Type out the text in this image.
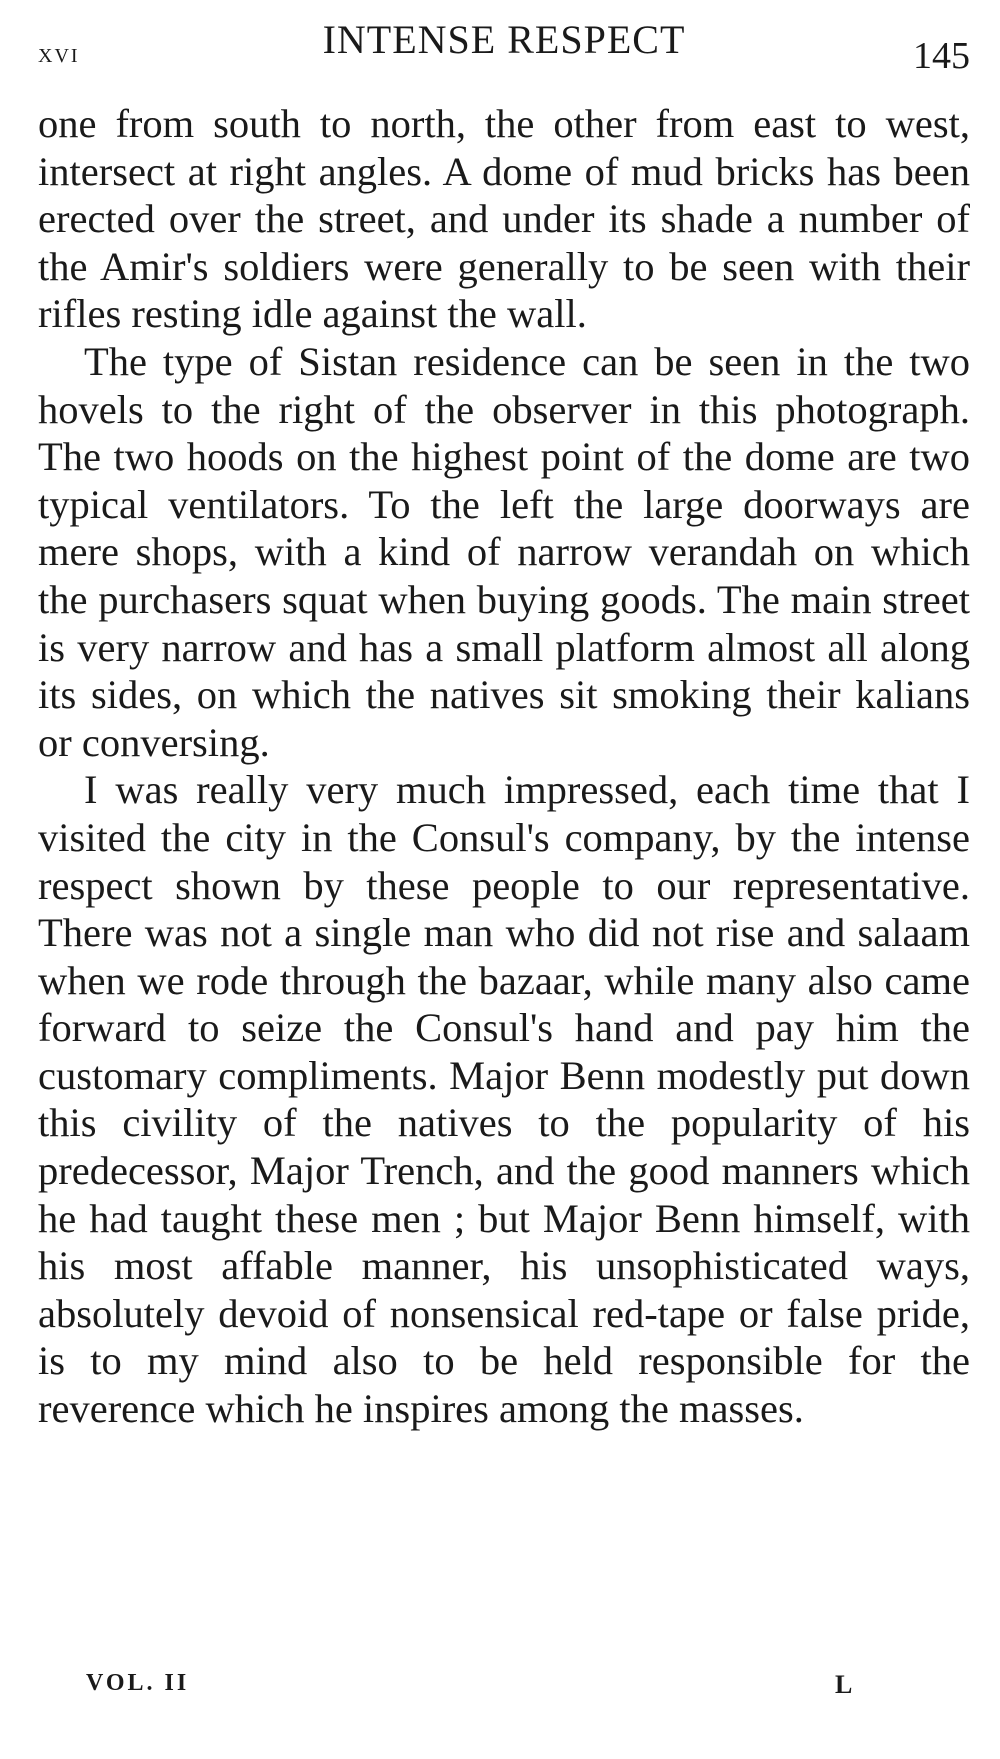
xvi	INTENSE RESPECT	145

one from south to north, the other from east to west, intersect at right angles. A dome of mud bricks has been erected over the street, and under its shade a number of the Amir's soldiers were generally to be seen with their rifles resting idle against the wall.

The type of Sistan residence can be seen in the two hovels to the right of the observer in this photograph. The two hoods on the highest point of the dome are two typical ventilators. To the left the large doorways are mere shops, with a kind of narrow verandah on which the purchasers squat when buying goods. The main street is very narrow and has a small platform almost all along its sides, on which the natives sit smoking their kalians or conversing.

I was really very much impressed, each time that I visited the city in the Consul's company, by the intense respect shown by these people to our representative. There was not a single man who did not rise and salaam when we rode through the bazaar, while many also came forward to seize the Consul's hand and pay him the customary compliments. Major Benn modestly put down this civility of the natives to the popularity of his predecessor, Major Trench, and the good manners which he had taught these men ; but Major Benn himself, with his most affable manner, his unsophisticated ways, absolutely devoid of nonsensical red-tape or false pride, is to my mind also to be held responsible for the reverence which he inspires among the masses.

VOL. II	L
